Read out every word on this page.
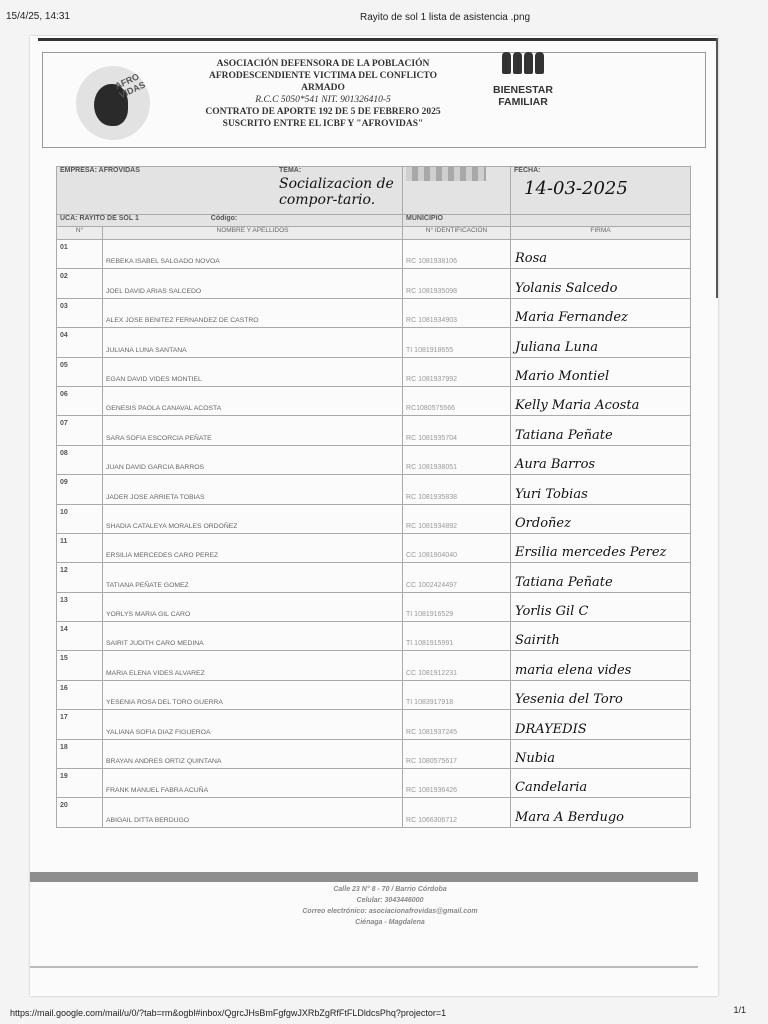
15/4/25, 14:31	Rayito de sol 1 lista de asistencia .png
AFRO VIDAS
ASOCIACIÓN DEFENSORA DE LA POBLACIÓN
AFRODESCENDIENTE VICTIMA DEL CONFLICTO
ARMADO
R.C.C 5050*541 NIT. 901326410-5
CONTRATO DE APORTE 192 DE 5 DE FEBRERO 2025
SUSCRITO ENTRE EL ICBF Y "AFROVIDAS"
BIENESTAR
FAMILIAR
EMPRESA: AFROVIDAS TEMA:
Socializacion de compor-tario.			FECHA:
14-03-2025

UCA: RAYITO DE SOL 1 Código:		MUNICIPIO	
N°	NOMBRE Y APELLIDOS	N° IDENTIFICACIÓN	FIRMA
01	REBEKA ISABEL SALGADO NOVOA	RC 1081938106	Rosa
02	JOEL DAVID ARIAS SALCEDO	RC 1081935098	Yolanis Salcedo
03	ALEX JOSE BENITEZ FERNANDEZ DE CASTRO	RC 1081934903	Maria Fernandez
04	JULIANA LUNA SANTANA	TI 1081918655	Juliana Luna
05	EGAN DAVID VIDES MONTIEL	RC 1081937992	Mario Montiel
06	GENESIS PAOLA CANAVAL ACOSTA	RC1080575566	Kelly Maria Acosta
07	SARA SOFIA ESCORCIA PEÑATE	RC 1081935704	Tatiana Peñate
08	JUAN DAVID GARCIA BARROS	RC 1081938051	Aura Barros
09	JADER JOSE ARRIETA TOBIAS	RC 1081935838	Yuri Tobias
10	SHADIA CATALEYA MORALES ORDOÑEZ	RC 1081934892	Ordoñez
11	ERSILIA MERCEDES CARO PEREZ	CC 1081904040	Ersilia mercedes Perez
12	TATIANA PEÑATE GOMEZ	CC 1002424497	Tatiana Peñate
13	YORLYS MARIA GIL CARO	TI 1081916529	Yorlis Gil C
14	SAIRIT JUDITH CARO MEDINA	TI 1081915991	Sairith
15	MARIA ELENA VIDES ALVAREZ	CC 1081912231	maria elena vides
16	YESENIA ROSA DEL TORO GUERRA	TI 1083917918	Yesenia del Toro
17	YALIANA SOFIA DIAZ FIGUEROA	RC 1081937245	DRAYEDIS
18	BRAYAN ANDRES ORTIZ QUINTANA	RC 1080575617	Nubia
19	FRANK MANUEL FABRA ACUÑA	RC 1081936426	Candelaria
20	ABIGAIL DITTA BERDUGO	RC 1066306712	Mara A Berdugo
Calle 23 N° 8 - 70 / Barrio Córdoba
Celular: 3043446000
Correo electrónico: asociacionafrovidas@gmail.com
Ciénaga - Magdalena
https://mail.google.com/mail/u/0/?tab=rm&ogbl#inbox/QgrcJHsBmFgfgwJXRbZgRfFtFLDldcsPhq?projector=1	1/1
